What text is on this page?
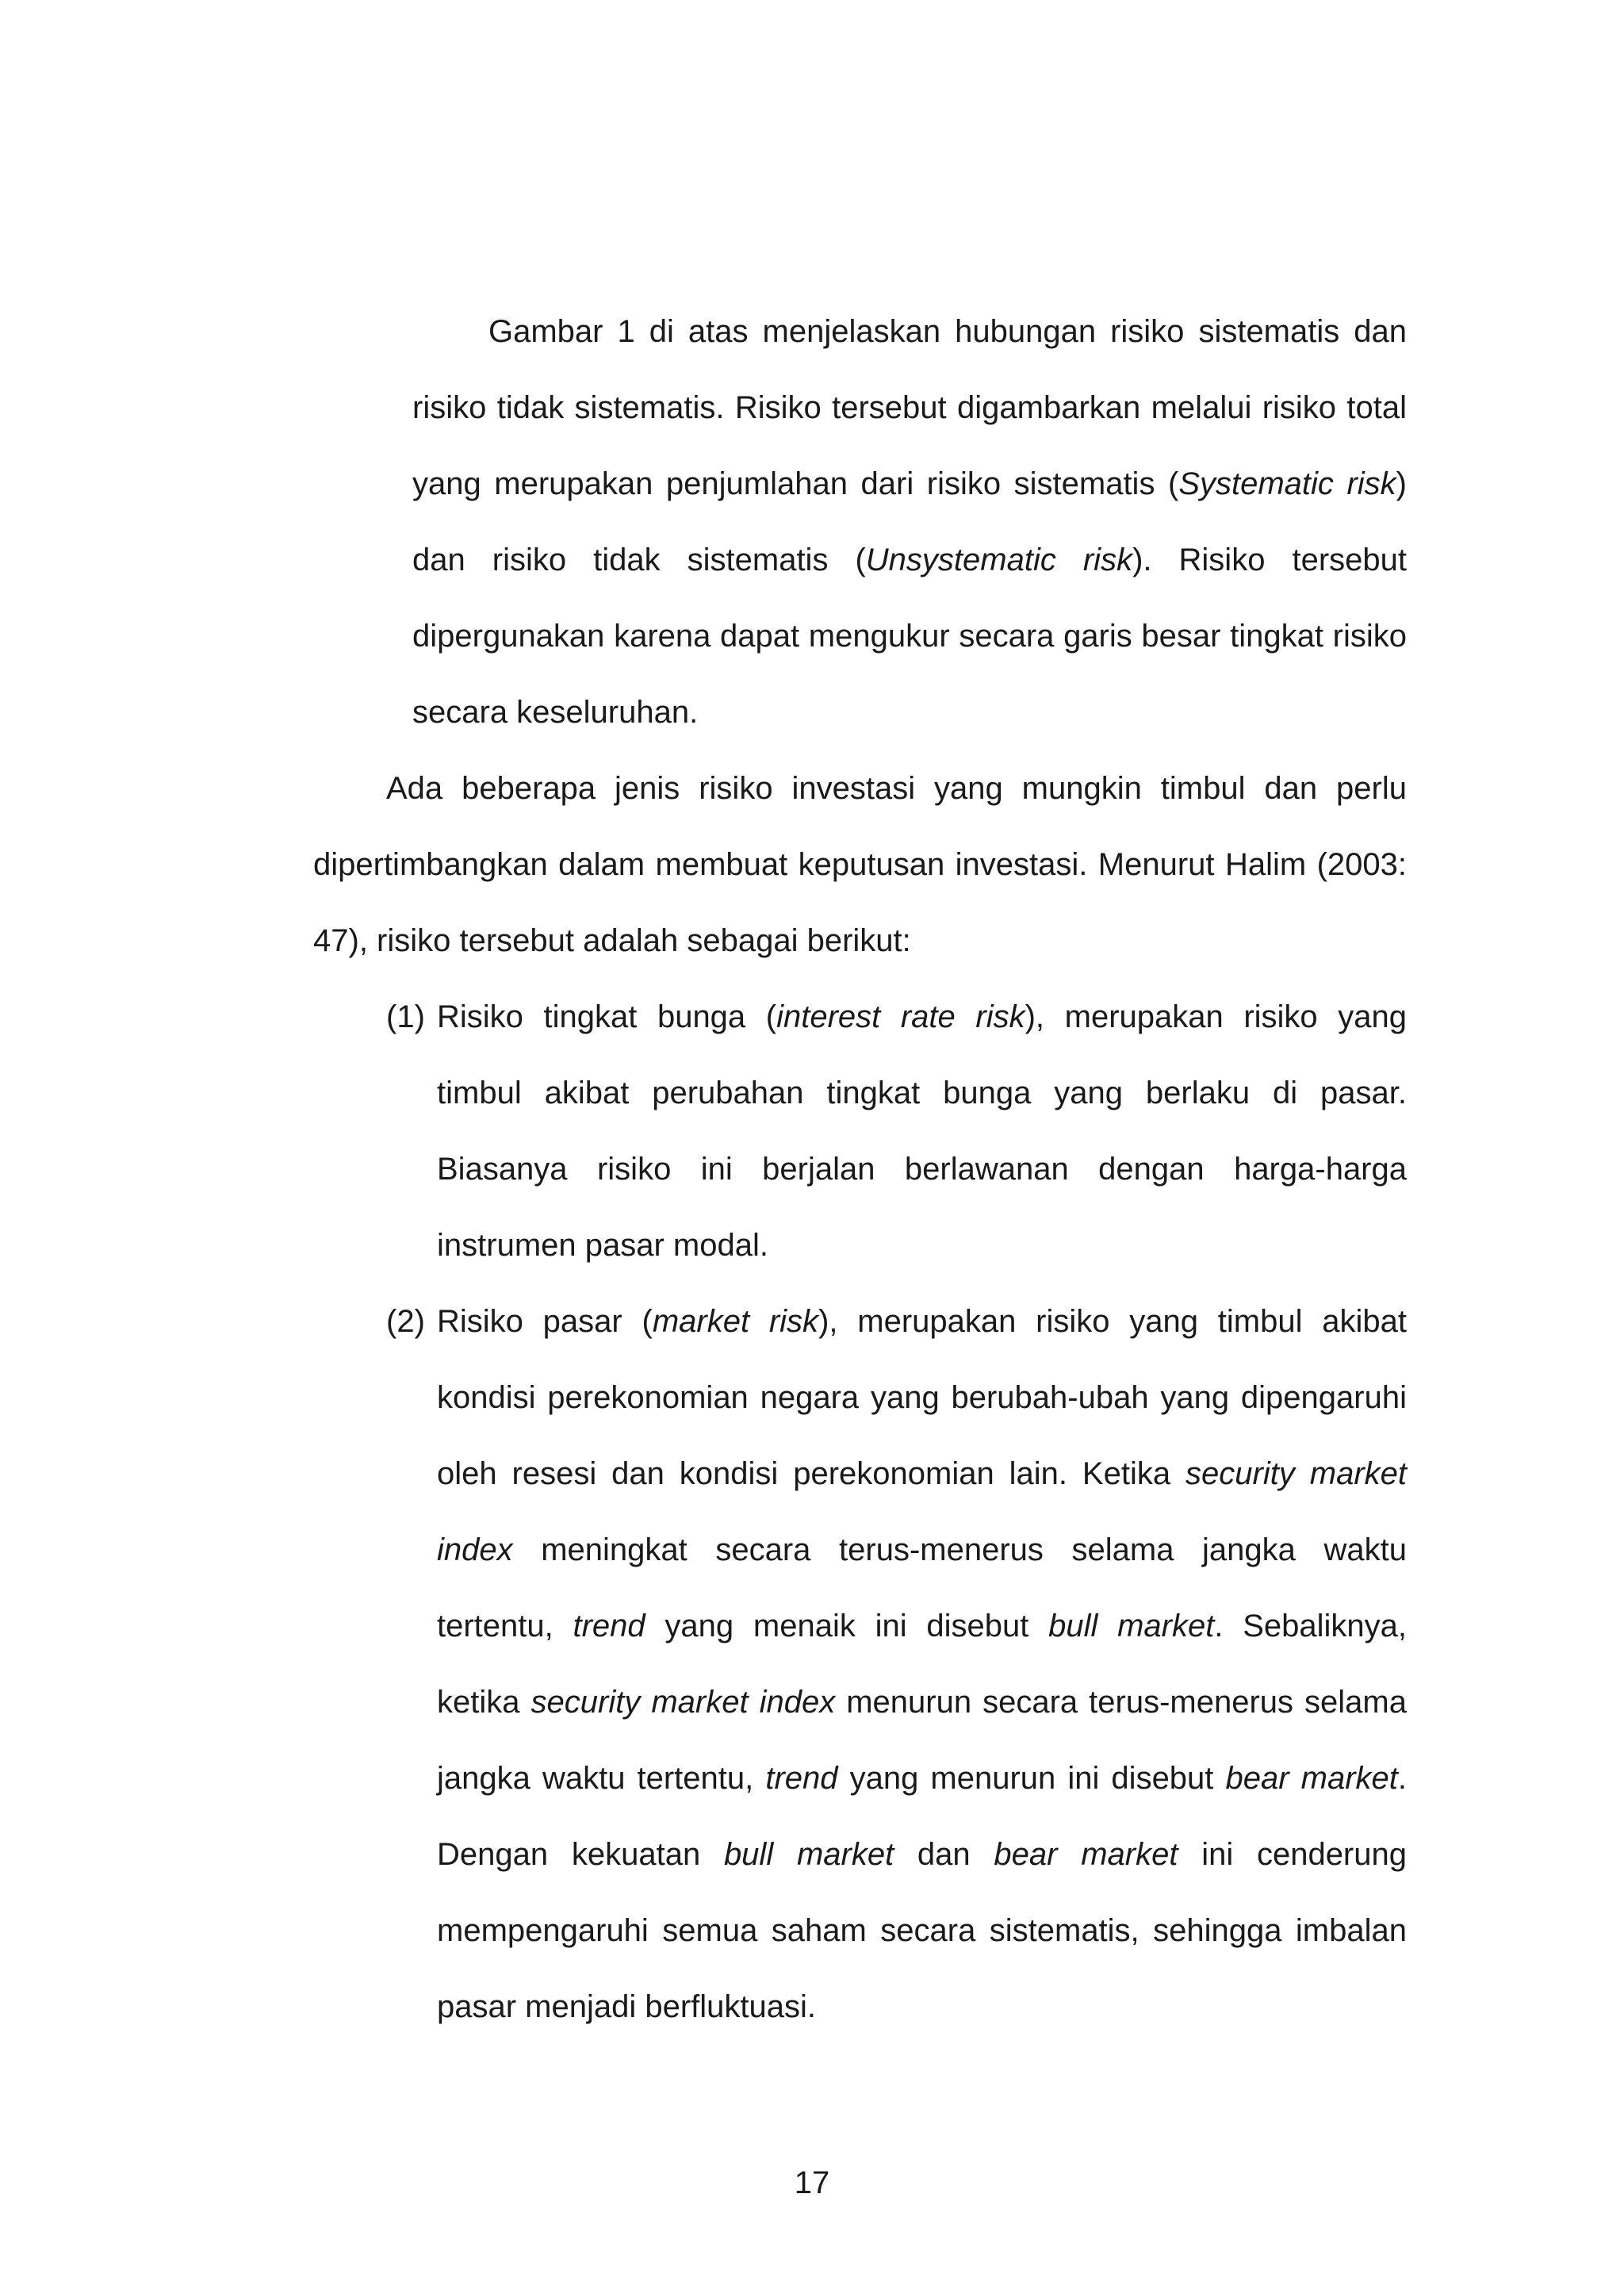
Gambar 1 di atas menjelaskan hubungan risiko sistematis dan risiko tidak sistematis. Risiko tersebut digambarkan melalui risiko total yang merupakan penjumlahan dari risiko sistematis (Systematic risk) dan risiko tidak sistematis (Unsystematic risk). Risiko tersebut dipergunakan karena dapat mengukur secara garis besar tingkat risiko secara keseluruhan.

Ada beberapa jenis risiko investasi yang mungkin timbul dan perlu dipertimbangkan dalam membuat keputusan investasi. Menurut Halim (2003: 47), risiko tersebut adalah sebagai berikut:

(1) Risiko tingkat bunga (interest rate risk), merupakan risiko yang timbul akibat perubahan tingkat bunga yang berlaku di pasar. Biasanya risiko ini berjalan berlawanan dengan harga-harga instrumen pasar modal.
(2) Risiko pasar (market risk), merupakan risiko yang timbul akibat kondisi perekonomian negara yang berubah-ubah yang dipengaruhi oleh resesi dan kondisi perekonomian lain. Ketika security market index meningkat secara terus-menerus selama jangka waktu tertentu, trend yang menaik ini disebut bull market. Sebaliknya, ketika security market index menurun secara terus-menerus selama jangka waktu tertentu, trend yang menurun ini disebut bear market. Dengan kekuatan bull market dan bear market ini cenderung mempengaruhi semua saham secara sistematis, sehingga imbalan pasar menjadi berfluktuasi.
17
